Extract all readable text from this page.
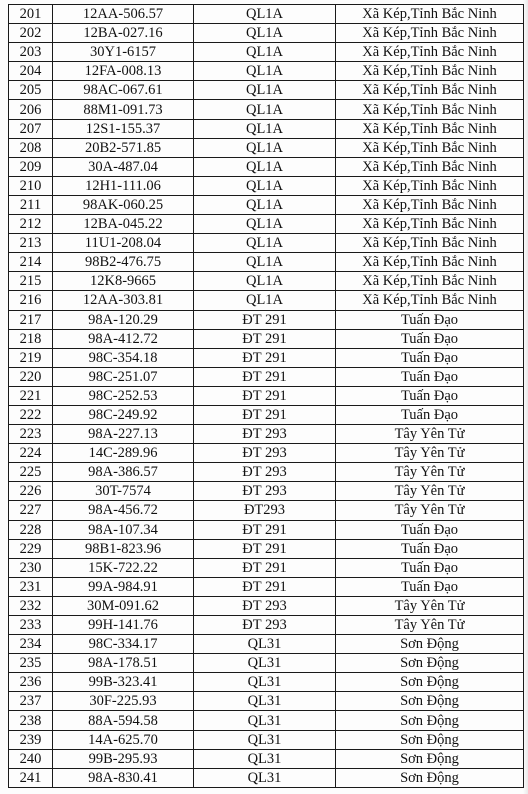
201	12AA-506.57	QL1A	Xã Kép,Tỉnh Bắc Ninh
202	12BA-027.16	QL1A	Xã Kép,Tỉnh Bắc Ninh
203	30Y1-6157	QL1A	Xã Kép,Tỉnh Bắc Ninh
204	12FA-008.13	QL1A	Xã Kép,Tỉnh Bắc Ninh
205	98AC-067.61	QL1A	Xã Kép,Tỉnh Bắc Ninh
206	88M1-091.73	QL1A	Xã Kép,Tỉnh Bắc Ninh
207	12S1-155.37	QL1A	Xã Kép,Tỉnh Bắc Ninh
208	20B2-571.85	QL1A	Xã Kép,Tỉnh Bắc Ninh
209	30A-487.04	QL1A	Xã Kép,Tỉnh Bắc Ninh
210	12H1-111.06	QL1A	Xã Kép,Tỉnh Bắc Ninh
211	98AK-060.25	QL1A	Xã Kép,Tỉnh Bắc Ninh
212	12BA-045.22	QL1A	Xã Kép,Tỉnh Bắc Ninh
213	11U1-208.04	QL1A	Xã Kép,Tỉnh Bắc Ninh
214	98B2-476.75	QL1A	Xã Kép,Tỉnh Bắc Ninh
215	12K8-9665	QL1A	Xã Kép,Tỉnh Bắc Ninh
216	12AA-303.81	QL1A	Xã Kép,Tỉnh Bắc Ninh
217	98A-120.29	ĐT 291	Tuấn Đạo
218	98A-412.72	ĐT 291	Tuấn Đạo
219	98C-354.18	ĐT 291	Tuấn Đạo
220	98C-251.07	ĐT 291	Tuấn Đạo
221	98C-252.53	ĐT 291	Tuấn Đạo
222	98C-249.92	ĐT 291	Tuấn Đạo
223	98A-227.13	ĐT 293	Tây Yên Tử
224	14C-289.96	ĐT 293	Tây Yên Tử
225	98A-386.57	ĐT 293	Tây Yên Tử
226	30T-7574	ĐT 293	Tây Yên Tử
227	98A-456.72	ĐT293	Tây Yên Tử
228	98A-107.34	ĐT 291	Tuấn Đạo
229	98B1-823.96	ĐT 291	Tuấn Đạo
230	15K-722.22	ĐT 291	Tuấn Đạo
231	99A-984.91	ĐT 291	Tuấn Đạo
232	30M-091.62	ĐT 293	Tây Yên Tử
233	99H-141.76	ĐT 293	Tây Yên Tử
234	98C-334.17	QL31	Sơn Động
235	98A-178.51	QL31	Sơn Động
236	99B-323.41	QL31	Sơn Động
237	30F-225.93	QL31	Sơn Động
238	88A-594.58	QL31	Sơn Động
239	14A-625.70	QL31	Sơn Động
240	99B-295.93	QL31	Sơn Động
241	98A-830.41	QL31	Sơn Động
